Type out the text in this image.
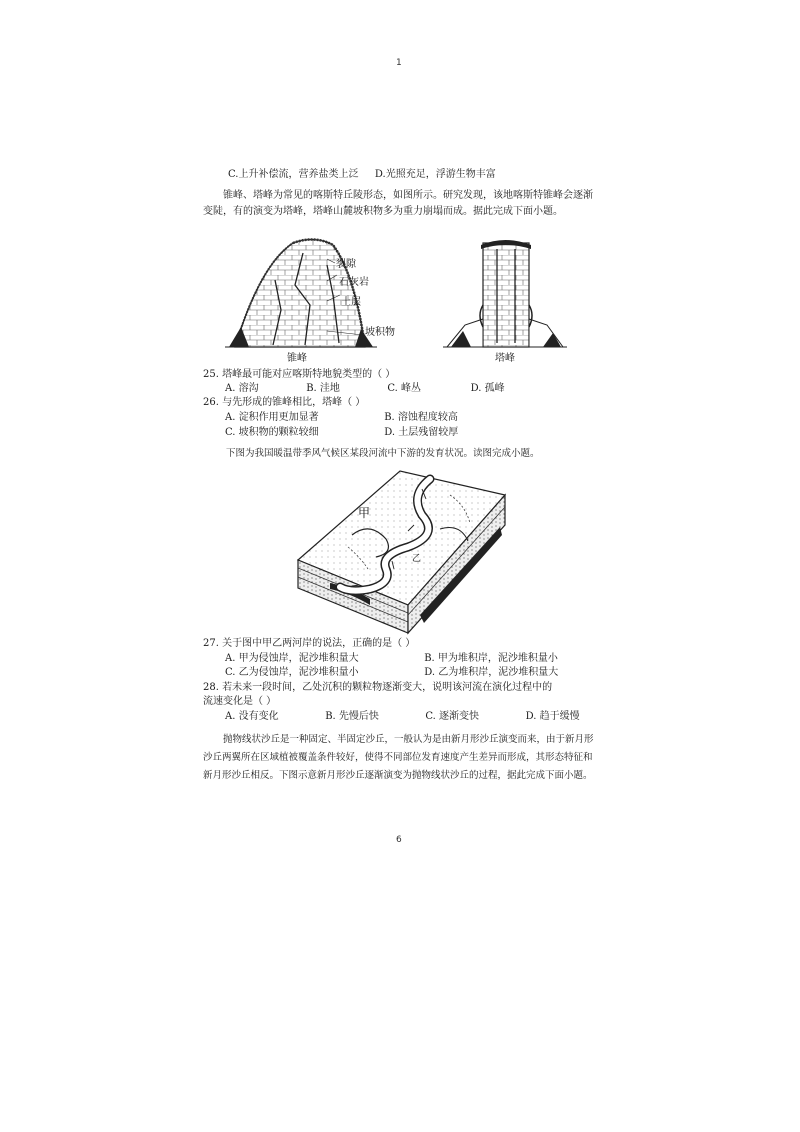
1
C.上升补偿流，营养盐类上泛 D.光照充足，浮游生物丰富

锥峰、塔峰为常见的喀斯特丘陵形态，如图所示。研究发现，该地喀斯特锥峰会逐渐变陡，有的演变为塔峰，塔峰山麓坡积物多为重力崩塌而成。据此完成下面小题。

裂隙
石灰岩
土层
坡积物
锥峰	塔峰
25. 塔峰最可能对应喀斯特地貌类型的（ ）
A. 溶沟	B. 洼地	C. 峰丛	D. 孤峰
26. 与先形成的锥峰相比，塔峰（ ）
A. 淀积作用更加显著	B. 溶蚀程度较高
C. 坡积物的颗粒较细	D. 土层残留较厚
下图为我国暖温带季风气候区某段河流中下游的发育状况。读图完成小题。
甲
乙
27. 关于图中甲乙两河岸的说法，正确的是（ ）
A. 甲为侵蚀岸，泥沙堆积量大	B. 甲为堆积岸，泥沙堆积量小
C. 乙为侵蚀岸，泥沙堆积量小	D. 乙为堆积岸，泥沙堆积量大
28. 若未来一段时间，乙处沉积的颗粒物逐渐变大，说明该河流在演化过程中的
流速变化是（ ）
A. 没有变化	B. 先慢后快	C. 逐渐变快	D. 趋于缓慢

抛物线状沙丘是一种固定、半固定沙丘，一般认为是由新月形沙丘演变而来，由于新月形沙丘两翼所在区域植被覆盖条件较好，使得不同部位发育速度产生差异而形成，其形态特征和新月形沙丘相反。下图示意新月形沙丘逐渐演变为抛物线状沙丘的过程，据此完成下面小题。

6
